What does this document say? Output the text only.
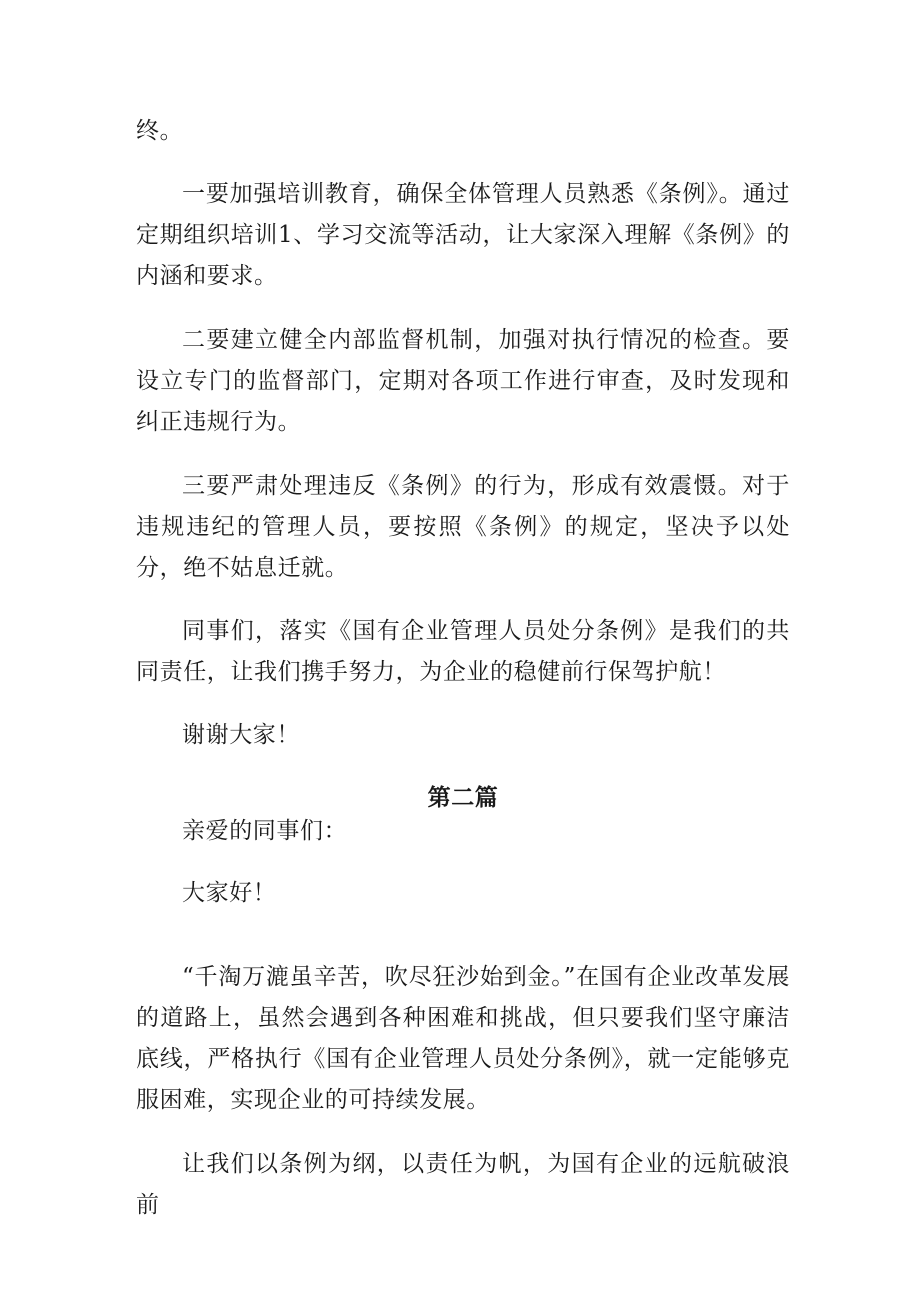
终。

一要加强培训教育，确保全体管理人员熟悉《条例》。通过定期组织培训1、学习交流等活动，让大家深入理解《条例》的内涵和要求。

二要建立健全内部监督机制，加强对执行情况的检查。要设立专门的监督部门，定期对各项工作进行审查，及时发现和纠正违规行为。

三要严肃处理违反《条例》的行为，形成有效震慑。对于违规违纪的管理人员，要按照《条例》的规定，坚决予以处分，绝不姑息迁就。

同事们，落实《国有企业管理人员处分条例》是我们的共同责任，让我们携手努力，为企业的稳健前行保驾护航！

谢谢大家！

第二篇

亲爱的同事们：

大家好！

“千淘万漉虽辛苦，吹尽狂沙始到金。”在国有企业改革发展的道路上，虽然会遇到各种困难和挑战，但只要我们坚守廉洁底线，严格执行《国有企业管理人员处分条例》，就一定能够克服困难，实现企业的可持续发展。

让我们以条例为纲，以责任为帆，为国有企业的远航破浪前
